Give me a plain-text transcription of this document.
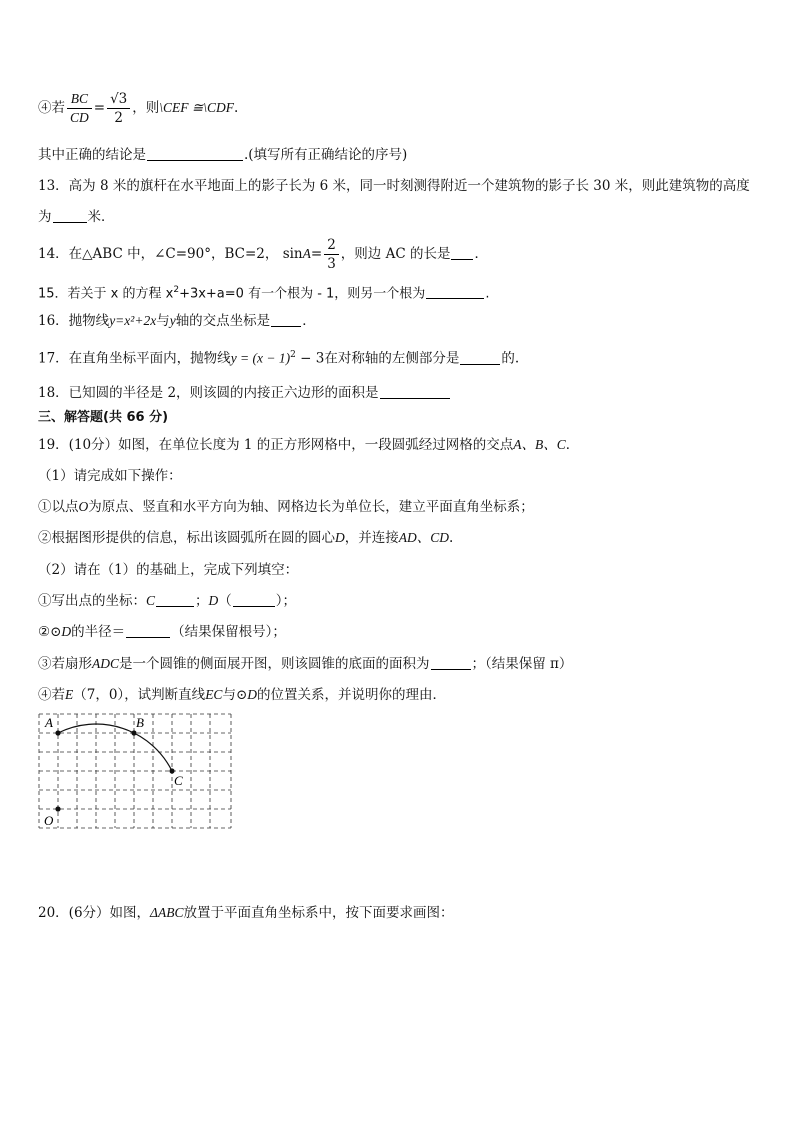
④若 $\frac{BC}{CD} = \frac{√3}{2}$ ，则\CEF ≅\CDF.
其中正确的结论是	.(填写所有正确结论的序号)
13．高为 8 米的旗杆在水平地面上的影子长为 6 米，同一时刻测得附近一个建筑物的影子长 30 米，则此建筑物的高度
为	米．
14．在△ABC 中，∠C=90°，BC=2， $\sin A= \frac{2}{3}$ ，则边 AC 的长是 ．
15．若关于 x 的方程 $x^2+3x+a=0$ 有一个根为 - 1，则另一个根为	.
16．抛物线y=x²+2x与y轴的交点坐标是 ．
17．在直角坐标平面内，抛物线$y = (x - 1)^2 - 3$在对称轴的左侧部分是	的.
18．已知圆的半径是 2，则该圆的内接正六边形的面积是
三、解答题(共 66 分)
19．(10分）如图，在单位长度为 1 的正方形网格中，一段圆弧经过网格的交点A、B、C．
（1）请完成如下操作：
①以点O为原点、竖直和水平方向为轴、网格边长为单位长，建立平面直角坐标系；
②根据图形提供的信息，标出该圆弧所在圆的圆心D，并连接AD、CD.
（2）请在（1）的基础上，完成下列填空：
①写出点的坐标：C	；D（	）；
②⊙D的半径＝	（结果保留根号）；
③若扇形ADC是一个圆锥的侧面展开图，则该圆锥的底面的面积为	；（结果保留 π）
④若E（7，0），试判断直线EC与⊙D的位置关系，并说明你的理由．
A	B
C
O
20．(6分）如图，ΔABC放置于平面直角坐标系中，按下面要求画图：
